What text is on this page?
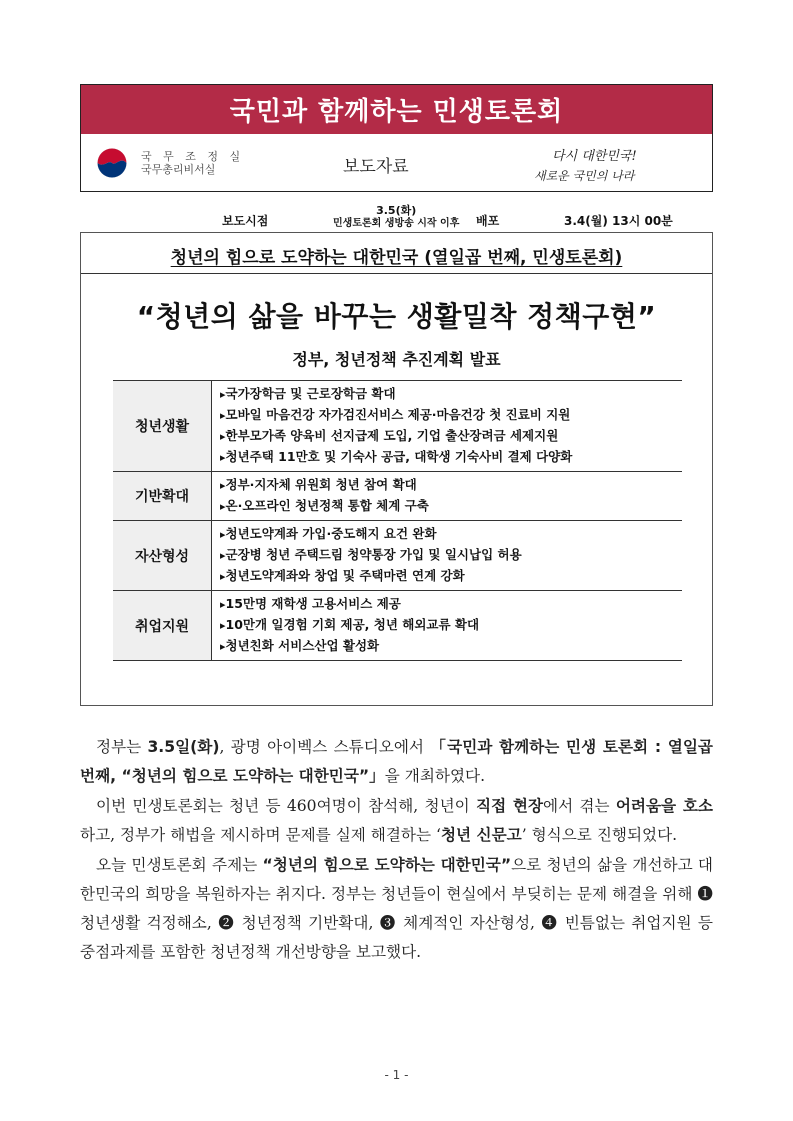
국민과 함께하는 민생토론회
국 무 조 정 실
국무총리비서실	보도자료
다시 대한민국!
새로운 국민의 나라
보도시점
3.5(화)
민생토론회 생방송 시작 이후 배포	3.4(월) 13시 00분
청년의 힘으로 도약하는 대한민국 (열일곱 번째, 민생토론회)
“청년의 삶을 바꾸는 생활밀착 정책구현”
정부, 청년정책 추진계획 발표
청년생활	▸ 국가장학금 및 근로장학금 확대
▸ 모바일 마음건강 자가검진서비스 제공·마음건강 첫 진료비 지원
▸ 한부모가족 양육비 선지급제 도입, 기업 출산장려금 세제지원
▸ 청년주택 11만호 및 기숙사 공급, 대학생 기숙사비 결제 다양화

기반확대	▸ 정부·지자체 위원회 청년 참여 확대
▸ 온·오프라인 청년정책 통합 체계 구축

자산형성	▸ 청년도약계좌 가입·중도해지 요건 완화
▸ 군장병 청년 주택드림 청약통장 가입 및 일시납입 허용
▸ 청년도약계좌와 창업 및 주택마련 연계 강화

취업지원	▸ 15만명 재학생 고용서비스 제공
▸ 10만개 일경험 기회 제공, 청년 해외교류 확대
▸ 청년친화 서비스산업 활성화

정부는 3.5일(화), 광명 아이벡스 스튜디오에서 「국민과 함께하는 민생 토론회 : 열일곱 번째, “청년의 힘으로 도약하는 대한민국”」을 개최하였다.

이번 민생토론회는 청년 등 460여명이 참석해, 청년이 직접 현장에서 겪는 어려움을 호소하고, 정부가 해법을 제시하며 문제를 실제 해결하는 ‘청년 신문고’ 형식으로 진행되었다.

오늘 민생토론회 주제는 “청년의 힘으로 도약하는 대한민국”으로 청년의 삶을 개선하고 대한민국의 희망을 복원하자는 취지다. 정부는 청년들이 현실에서 부딪히는 문제 해결을 위해 ❶ 청년생활 걱정해소, ❷ 청년정책 기반확대, ❸ 체계적인 자산형성, ❹ 빈틈없는 취업지원 등 중점과제를 포함한 청년정책 개선방향을 보고했다.

- 1 -
